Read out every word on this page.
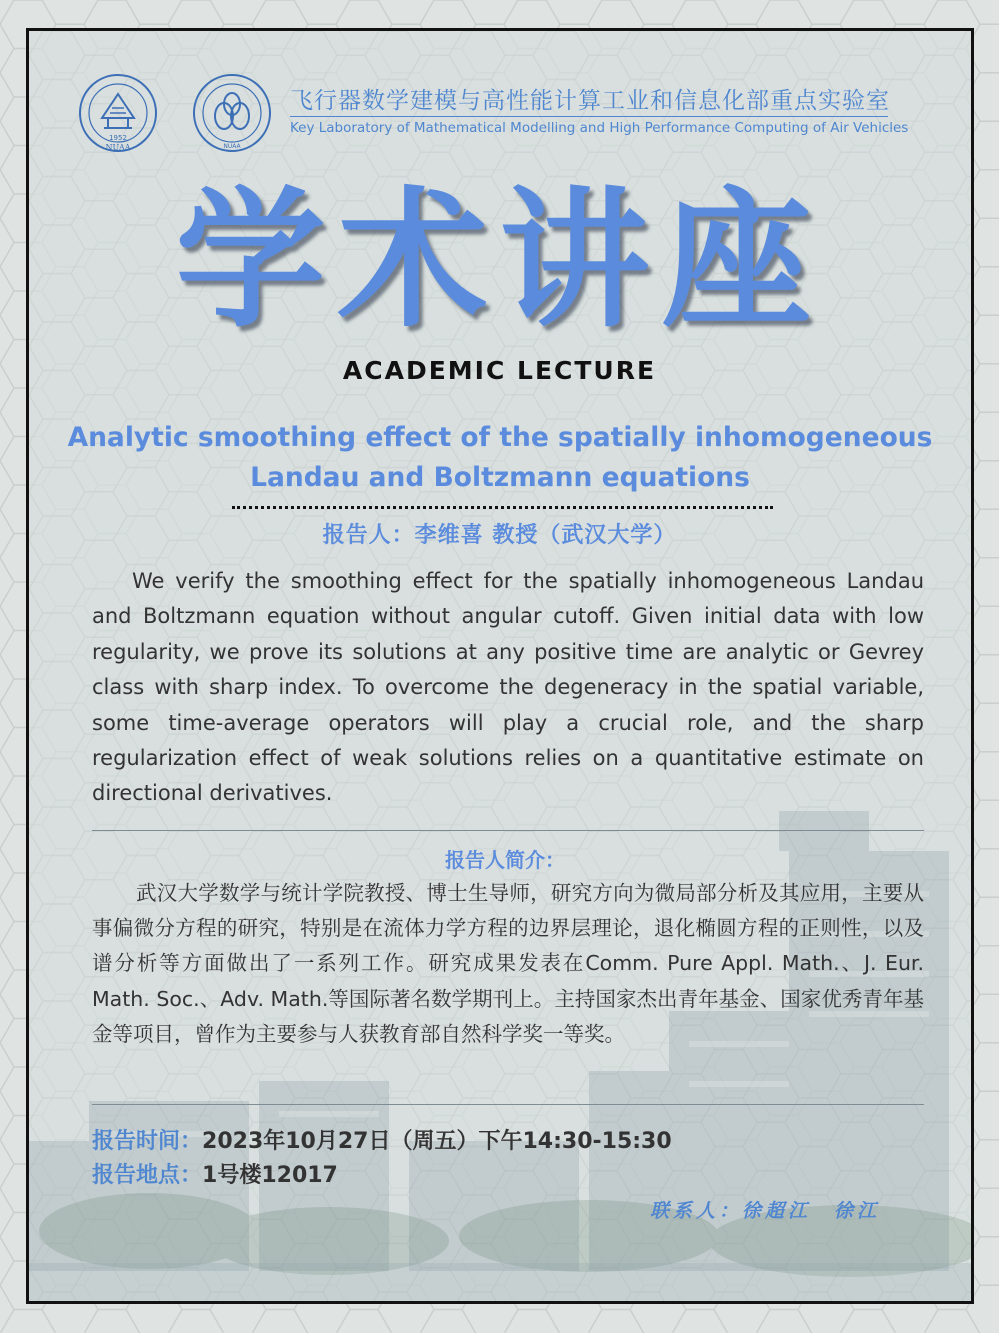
1952
NUAA	NUAA
飞行器数学建模与高性能计算工业和信息化部重点实验室
Key Laboratory of Mathematical Modelling and High Performance Computing of Air Vehicles
学术讲座
ACADEMIC LECTURE
Analytic smoothing effect of the spatially inhomogeneous
Landau and Boltzmann equations
报告人：李维喜 教授（武汉大学）
We verify the smoothing effect for the spatially inhomogeneous Landau and Boltzmann equation without angular cutoff. Given initial data with low regularity, we prove its solutions at any positive time are analytic or Gevrey class with sharp index. To overcome the degeneracy in the spatial variable, some time-average operators will play a crucial role, and the sharp regularization effect of weak solutions relies on a quantitative estimate on directional derivatives.
报告人简介：
武汉大学数学与统计学院教授、博士生导师，研究方向为微局部分析及其应用，主要从事偏微分方程的研究，特别是在流体力学方程的边界层理论，退化椭圆方程的正则性，以及谱分析等方面做出了一系列工作。研究成果发表在Comm. Pure Appl. Math.、J. Eur. Math. Soc.、Adv. Math.等国际著名数学期刊上。主持国家杰出青年基金、国家优秀青年基金等项目，曾作为主要参与人获教育部自然科学奖一等奖。
报告时间：2023年10月27日（周五）下午14:30-15:30
报告地点：1号楼12017
联系人：徐超江　徐江
